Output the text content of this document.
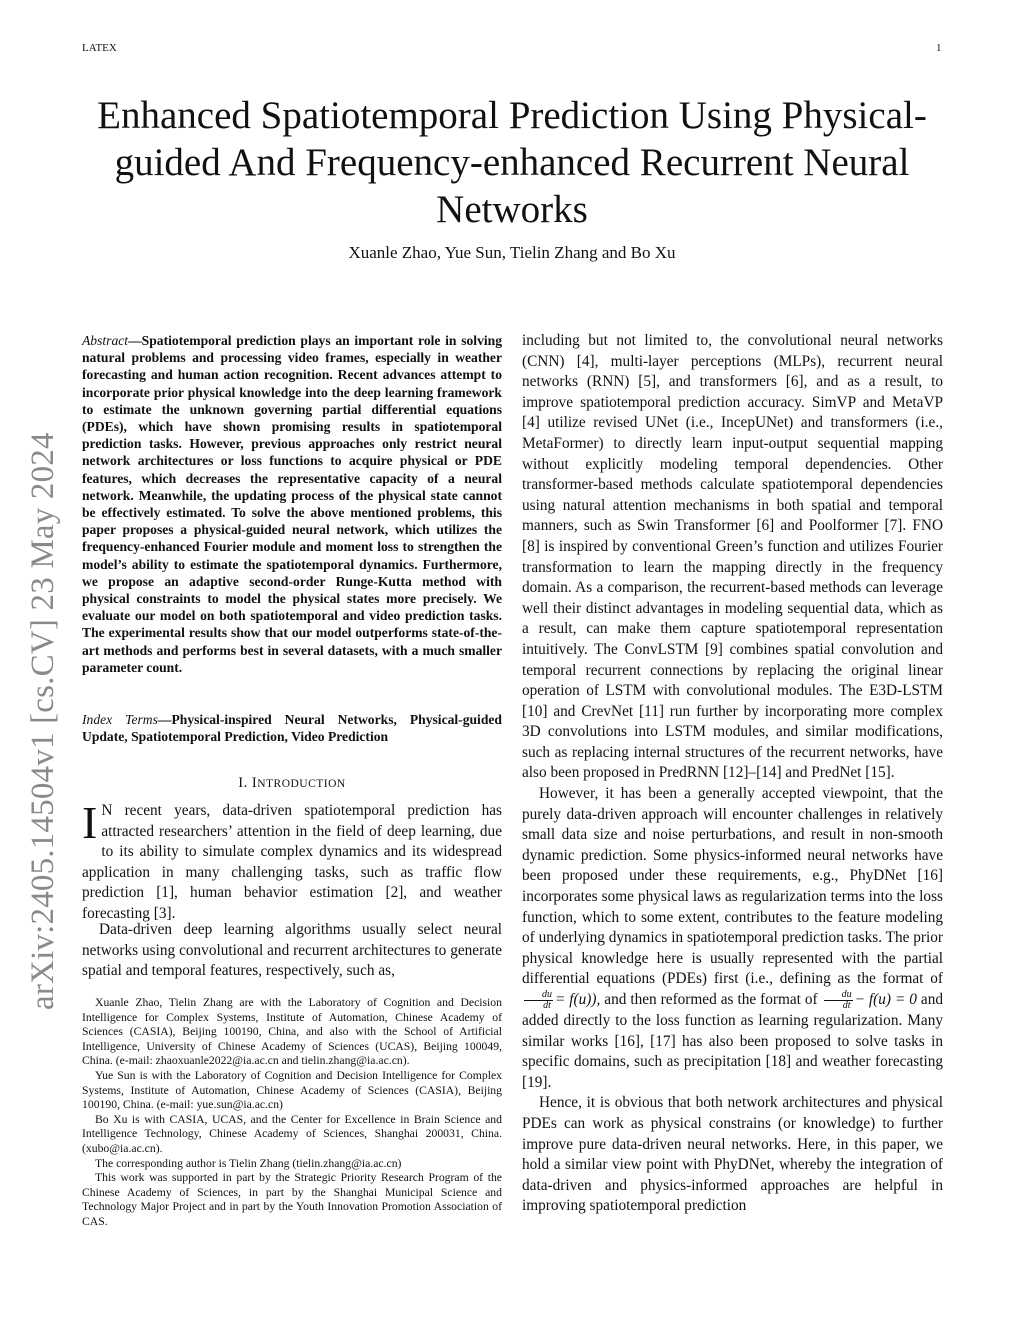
LATEX	1
Enhanced Spatiotemporal Prediction Using Physical-guided And Frequency-enhanced Recurrent Neural Networks
Xuanle Zhao, Yue Sun, Tielin Zhang and Bo Xu
arXiv:2405.14504v1 [cs.CV] 23 May 2024

Abstract—Spatiotemporal prediction plays an important role in solving natural problems and processing video frames, especially in weather forecasting and human action recognition. Recent advances attempt to incorporate prior physical knowledge into the deep learning framework to estimate the unknown governing partial differential equations (PDEs), which have shown promising results in spatiotemporal prediction tasks. However, previous approaches only restrict neural network architectures or loss functions to acquire physical or PDE features, which decreases the representative capacity of a neural network. Meanwhile, the updating process of the physical state cannot be effectively estimated. To solve the above mentioned problems, this paper proposes a physical-guided neural network, which utilizes the frequency-enhanced Fourier module and moment loss to strengthen the model’s ability to estimate the spatiotemporal dynamics. Furthermore, we propose an adaptive second-order Runge-Kutta method with physical constraints to model the physical states more precisely. We evaluate our model on both spatiotemporal and video prediction tasks. The experimental results show that our model outperforms state-of-the-art methods and performs best in several datasets, with a much smaller parameter count.

Index Terms—Physical-inspired Neural Networks, Physical-guided Update, Spatiotemporal Prediction, Video Prediction

I. INTRODUCTION

I N recent years, data-driven spatiotemporal prediction has attracted researchers’ attention in the field of deep learning, due to its ability to simulate complex dynamics and its widespread application in many challenging tasks, such as traffic flow prediction [1], human behavior estimation [2], and weather forecasting [3].

Data-driven deep learning algorithms usually select neural networks using convolutional and recurrent architectures to generate spatial and temporal features, respectively, such as,

Xuanle Zhao, Tielin Zhang are with the Laboratory of Cognition and Decision Intelligence for Complex Systems, Institute of Automation, Chinese Academy of Sciences (CASIA), Beijing 100190, China, and also with the School of Artificial Intelligence, University of Chinese Academy of Sciences (UCAS), Beijing 100049, China. (e-mail: zhaoxuanle2022@ia.ac.cn and tielin.zhang@ia.ac.cn).

Yue Sun is with the Laboratory of Cognition and Decision Intelligence for Complex Systems, Institute of Automation, Chinese Academy of Sciences (CASIA), Beijing 100190, China. (e-mail: yue.sun@ia.ac.cn)

Bo Xu is with CASIA, UCAS, and the Center for Excellence in Brain Science and Intelligence Technology, Chinese Academy of Sciences, Shanghai 200031, China. (xubo@ia.ac.cn).

The corresponding author is Tielin Zhang (tielin.zhang@ia.ac.cn)

This work was supported in part by the Strategic Priority Research Program of the Chinese Academy of Sciences, in part by the Shanghai Municipal Science and Technology Major Project and in part by the Youth Innovation Promotion Association of CAS.

including but not limited to, the convolutional neural networks (CNN) [4], multi-layer perceptions (MLPs), recurrent neural networks (RNN) [5], and transformers [6], and as a result, to improve spatiotemporal prediction accuracy. SimVP and MetaVP [4] utilize revised UNet (i.e., IncepUNet) and transformers (i.e., MetaFormer) to directly learn input-output sequential mapping without explicitly modeling temporal dependencies. Other transformer-based methods calculate spatiotemporal dependencies using natural attention mechanisms in both spatial and temporal manners, such as Swin Transformer [6] and Poolformer [7]. FNO [8] is inspired by conventional Green’s function and utilizes Fourier transformation to learn the mapping directly in the frequency domain. As a comparison, the recurrent-based methods can leverage well their distinct advantages in modeling sequential data, which as a result, can make them capture spatiotemporal representation intuitively. The ConvLSTM [9] combines spatial convolution and temporal recurrent connections by replacing the original linear operation of LSTM with convolutional modules. The E3D-LSTM [10] and CrevNet [11] run further by incorporating more complex 3D convolutions into LSTM modules, and similar modifications, such as replacing internal structures of the recurrent networks, have also been proposed in PredRNN [12]–[14] and PredNet [15].

However, it has been a generally accepted viewpoint, that the purely data-driven approach will encounter challenges in relatively small data size and noise perturbations, and result in non-smooth dynamic prediction. Some physics-informed neural networks have been proposed under these requirements, e.g., PhyDNet [16] incorporates some physical laws as regularization terms into the loss function, which to some extent, contributes to the feature modeling of underlying dynamics in spatiotemporal prediction tasks. The prior physical knowledge here is usually represented with the partial differential equations (PDEs) first (i.e., defining as the format of
$\frac{du}{dt} = f(u)$), and then reformed as the format of $\frac{du}{dt} - f(u) = 0$ and added directly to the loss function as learning regularization. Many similar works [16], [17] has also been proposed to solve tasks in specific domains, such as precipitation [18] and weather forecasting [19].

Hence, it is obvious that both network architectures and physical PDEs can work as physical constrains (or knowledge) to further improve pure data-driven neural networks. Here, in this paper, we hold a similar view point with PhyDNet, whereby the integration of data-driven and physics-informed approaches are helpful in improving spatiotemporal prediction
